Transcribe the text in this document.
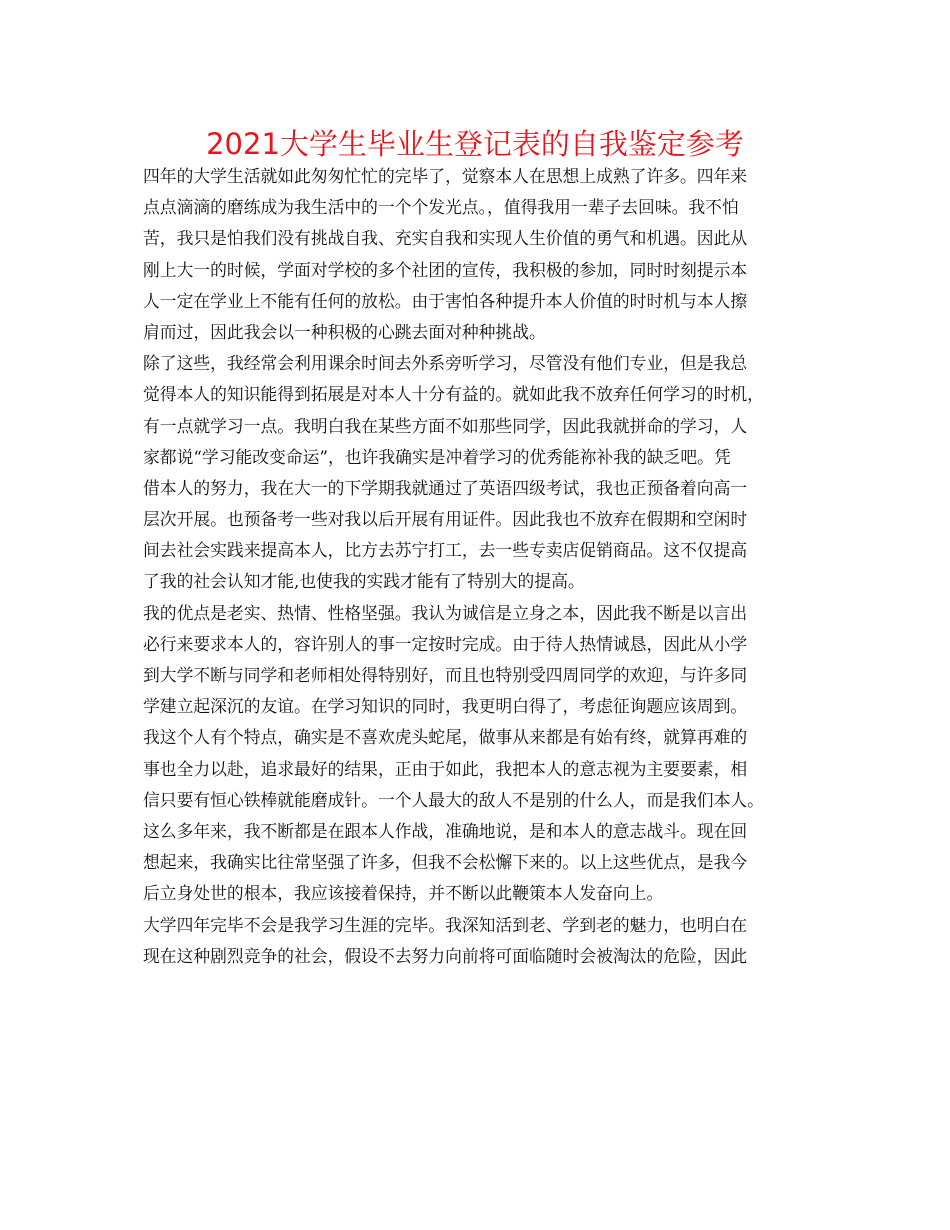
2021大学生毕业生登记表的自我鉴定参考
四年的大学生活就如此匆匆忙忙的完毕了，觉察本人在思想上成熟了许多。四年来
点点滴滴的磨练成为我生活中的一个个发光点。，值得我用一辈子去回味。我不怕
苦，我只是怕我们没有挑战自我、充实自我和实现人生价值的勇气和机遇。因此从
刚上大一的时候，学面对学校的多个社团的宣传，我积极的参加，同时时刻提示本
人一定在学业上不能有任何的放松。由于害怕各种提升本人价值的时时机与本人擦
肩而过，因此我会以一种积极的心跳去面对种种挑战。
除了这些，我经常会利用课余时间去外系旁听学习，尽管没有他们专业，但是我总
觉得本人的知识能得到拓展是对本人十分有益的。就如此我不放弃任何学习的时机，
有一点就学习一点。我明白我在某些方面不如那些同学，因此我就拼命的学习，人
家都说“学习能改变命运”，也许我确实是冲着学习的优秀能祢补我的缺乏吧。凭
借本人的努力，我在大一的下学期我就通过了英语四级考试，我也正预备着向高一
层次开展。也预备考一些对我以后开展有用证件。因此我也不放弃在假期和空闲时
间去社会实践来提高本人，比方去苏宁打工，去一些专卖店促销商品。这不仅提高
了我的社会认知才能,也使我的实践才能有了特别大的提高。
我的优点是老实、热情、性格坚强。我认为诚信是立身之本，因此我不断是以言出
必行来要求本人的，容许别人的事一定按时完成。由于待人热情诚恳，因此从小学
到大学不断与同学和老师相处得特别好，而且也特别受四周同学的欢迎，与许多同
学建立起深沉的友谊。在学习知识的同时，我更明白得了，考虑征询题应该周到。
我这个人有个特点，确实是不喜欢虎头蛇尾，做事从来都是有始有终，就算再难的
事也全力以赴，追求最好的结果，正由于如此，我把本人的意志视为主要要素，相
信只要有恒心铁棒就能磨成针。一个人最大的敌人不是别的什么人，而是我们本人。
这么多年来，我不断都是在跟本人作战，准确地说，是和本人的意志战斗。现在回
想起来，我确实比往常坚强了许多，但我不会松懈下来的。以上这些优点，是我今
后立身处世的根本，我应该接着保持，并不断以此鞭策本人发奋向上。
大学四年完毕不会是我学习生涯的完毕。我深知活到老、学到老的魅力，也明白在
现在这种剧烈竞争的社会，假设不去努力向前将可面临随时会被淘汰的危险，因此
